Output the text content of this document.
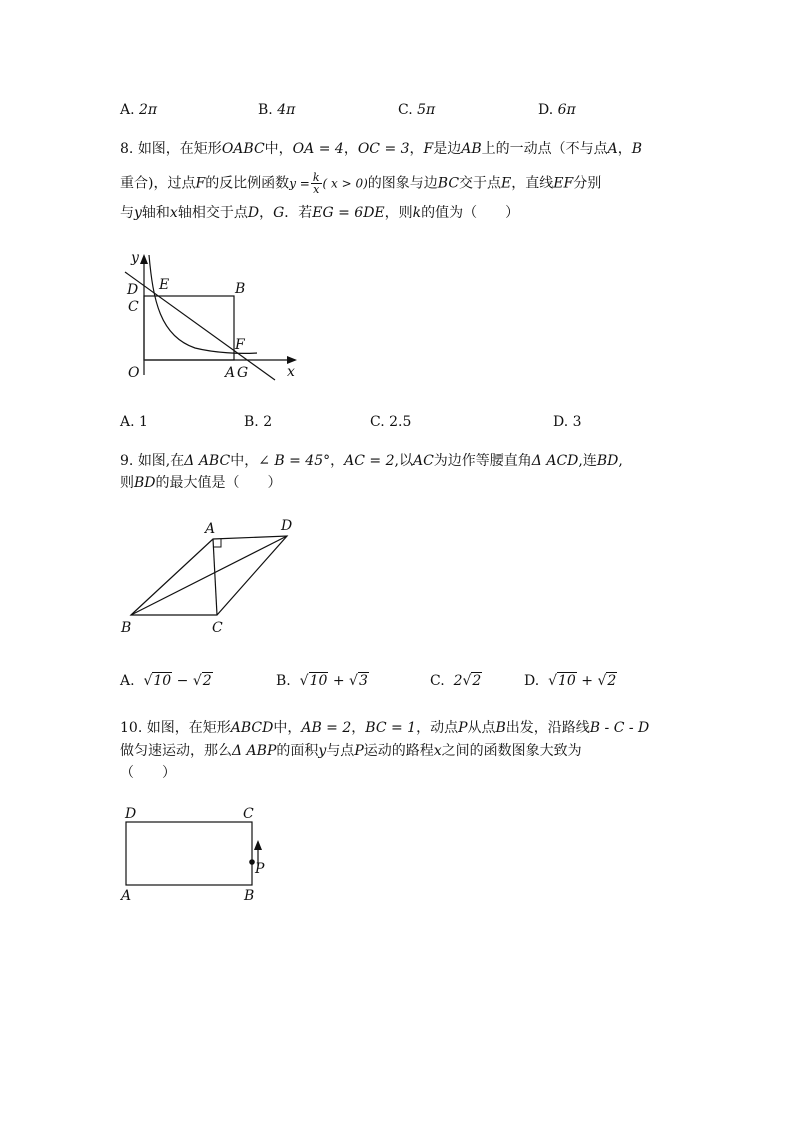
A. 2π	B. 4π	C. 5π	D. 6π
8. 如图，在矩形OABC中，OA = 4，OC = 3，F是边AB上的一动点（不与点A，B
重合)，过点F的反比例函数$y = \frac{k}{x}$ ( x > 0)的图象与边BC交于点E，直线EF分别
与y轴和x轴相交于点D，G．若EG = 6DE，则k的值为（　　）
y
x
O	A G
B
C
D E
F
A. 1	B. 2	C. 2.5	D. 3
9. 如图,在Δ ABC中，∠ B = 45°，AC = 2,以AC为边作等腰直角Δ ACD,连BD,
则BD的最大值是（　　）
A
B	C
D
A. √10 − √2	B. √10 + √3	C. 2√2	D. √10 + √2
10. 如图，在矩形ABCD中，AB = 2，BC = 1，动点P从点B出发，沿路线B - C - D
做匀速运动，那么Δ ABP的面积y与点P运动的路程x之间的函数图象大致为
（　　）
D	C
A	B
P
